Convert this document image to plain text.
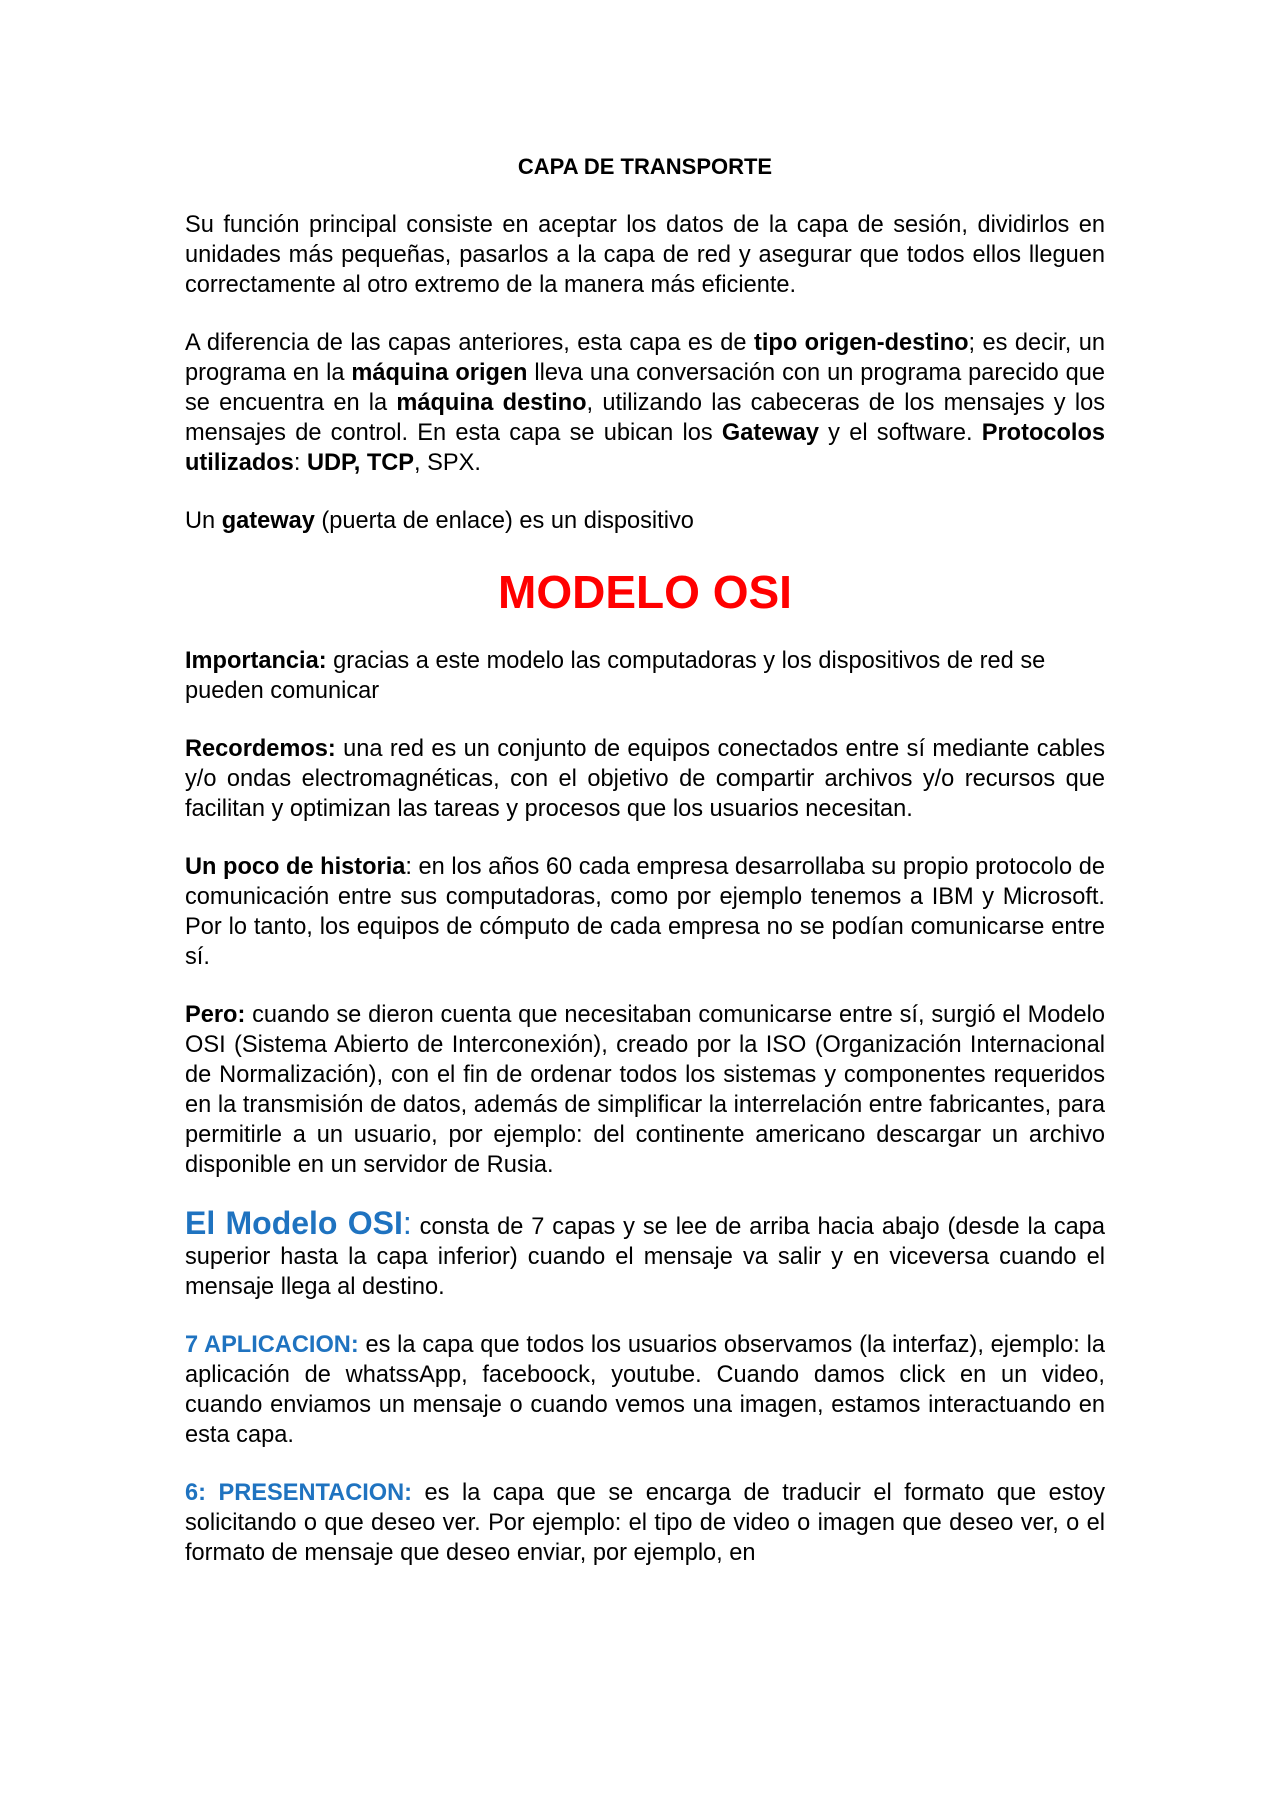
CAPA DE TRANSPORTE

Su función principal consiste en aceptar los datos de la capa de sesión, dividirlos en unidades más pequeñas, pasarlos a la capa de red y asegurar que todos ellos lleguen correctamente al otro extremo de la manera más eficiente.

A diferencia de las capas anteriores, esta capa es de tipo origen-destino; es decir, un programa en la máquina origen lleva una conversación con un programa parecido que se encuentra en la máquina destino, utilizando las cabeceras de los mensajes y los mensajes de control. En esta capa se ubican los Gateway y el software. Protocolos utilizados: UDP, TCP, SPX.

Un gateway (puerta de enlace) es un dispositivo

MODELO OSI

Importancia: gracias a este modelo las computadoras y los dispositivos de red se pueden comunicar

Recordemos: una red es un conjunto de equipos conectados entre sí mediante cables y/o ondas electromagnéticas, con el objetivo de compartir archivos y/o recursos que facilitan y optimizan las tareas y procesos que los usuarios necesitan.

Un poco de historia: en los años 60 cada empresa desarrollaba su propio protocolo de comunicación entre sus computadoras, como por ejemplo tenemos a IBM y Microsoft. Por lo tanto, los equipos de cómputo de cada empresa no se podían comunicarse entre sí.

Pero: cuando se dieron cuenta que necesitaban comunicarse entre sí, surgió el Modelo OSI (Sistema Abierto de Interconexión), creado por la ISO (Organización Internacional de Normalización), con el fin de ordenar todos los sistemas y componentes requeridos en la transmisión de datos, además de simplificar la interrelación entre fabricantes, para permitirle a un usuario, por ejemplo: del continente americano descargar un archivo disponible en un servidor de Rusia.

El Modelo OSI: consta de 7 capas y se lee de arriba hacia abajo (desde la capa superior hasta la capa inferior) cuando el mensaje va salir y en viceversa cuando el mensaje llega al destino.

7 APLICACION: es la capa que todos los usuarios observamos (la interfaz), ejemplo: la aplicación de whatssApp, faceboock, youtube. Cuando damos click en un video, cuando enviamos un mensaje o cuando vemos una imagen, estamos interactuando en esta capa.

6: PRESENTACION: es la capa que se encarga de traducir el formato que estoy solicitando o que deseo ver. Por ejemplo: el tipo de video o imagen que deseo ver, o el formato de mensaje que deseo enviar, por ejemplo, en
